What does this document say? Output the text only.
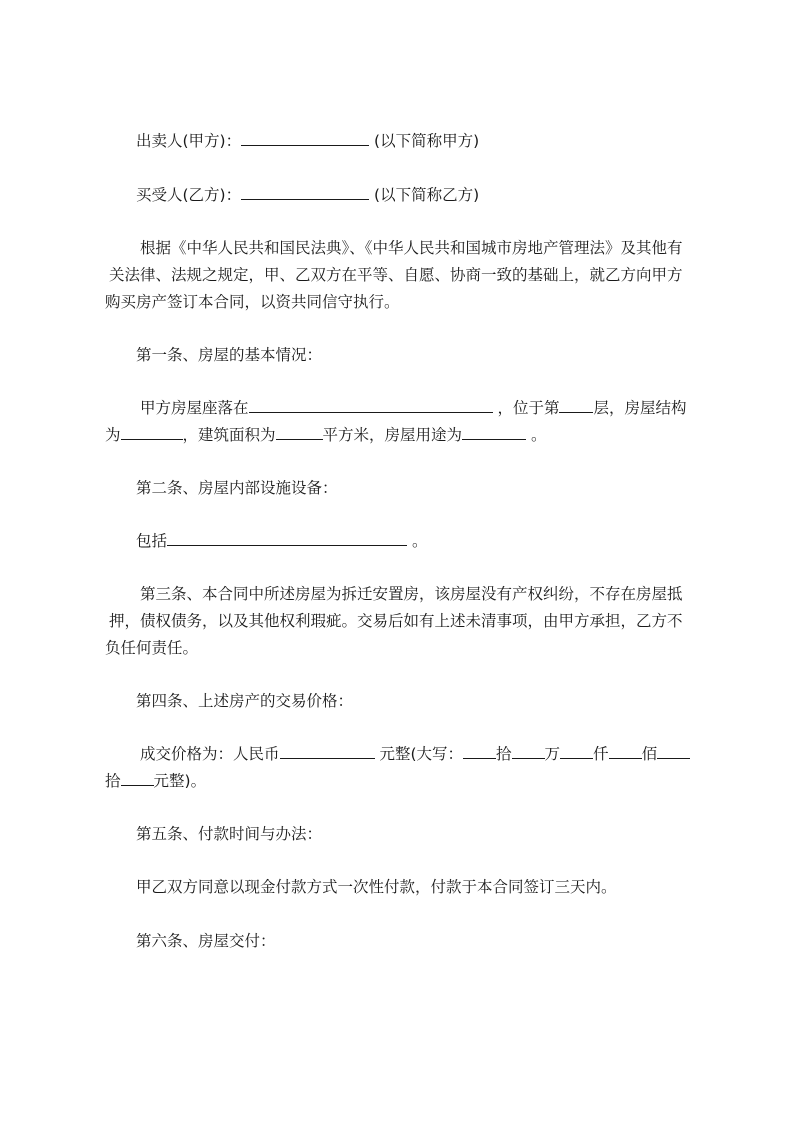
出卖人(甲方)：	(以下简称甲方)
买受人(乙方)：	(以下简称乙方)
根据《中华人民共和国民法典》、《中华人民共和国城市房地产管理法》及其他有
关法律、法规之规定，甲、乙双方在平等、自愿、协商一致的基础上，就乙方向甲方
购买房产签订本合同，以资共同信守执行。
第一条、房屋的基本情况：
甲方房屋座落在	，位于第 层，房屋结构
为	，建筑面积为	平方米，房屋用途为	。
第二条、房屋内部设施设备：
包括	。
第三条、本合同中所述房屋为拆迁安置房，该房屋没有产权纠纷，不存在房屋抵
押，债权债务，以及其他权利瑕疵。交易后如有上述未清事项，由甲方承担，乙方不
负任何责任。
第四条、上述房产的交易价格：
成交价格为：人民币	元整(大写： 拾 万 仟 佰
拾 元整)。
第五条、付款时间与办法：
甲乙双方同意以现金付款方式一次性付款，付款于本合同签订三天内。
第六条、房屋交付：
